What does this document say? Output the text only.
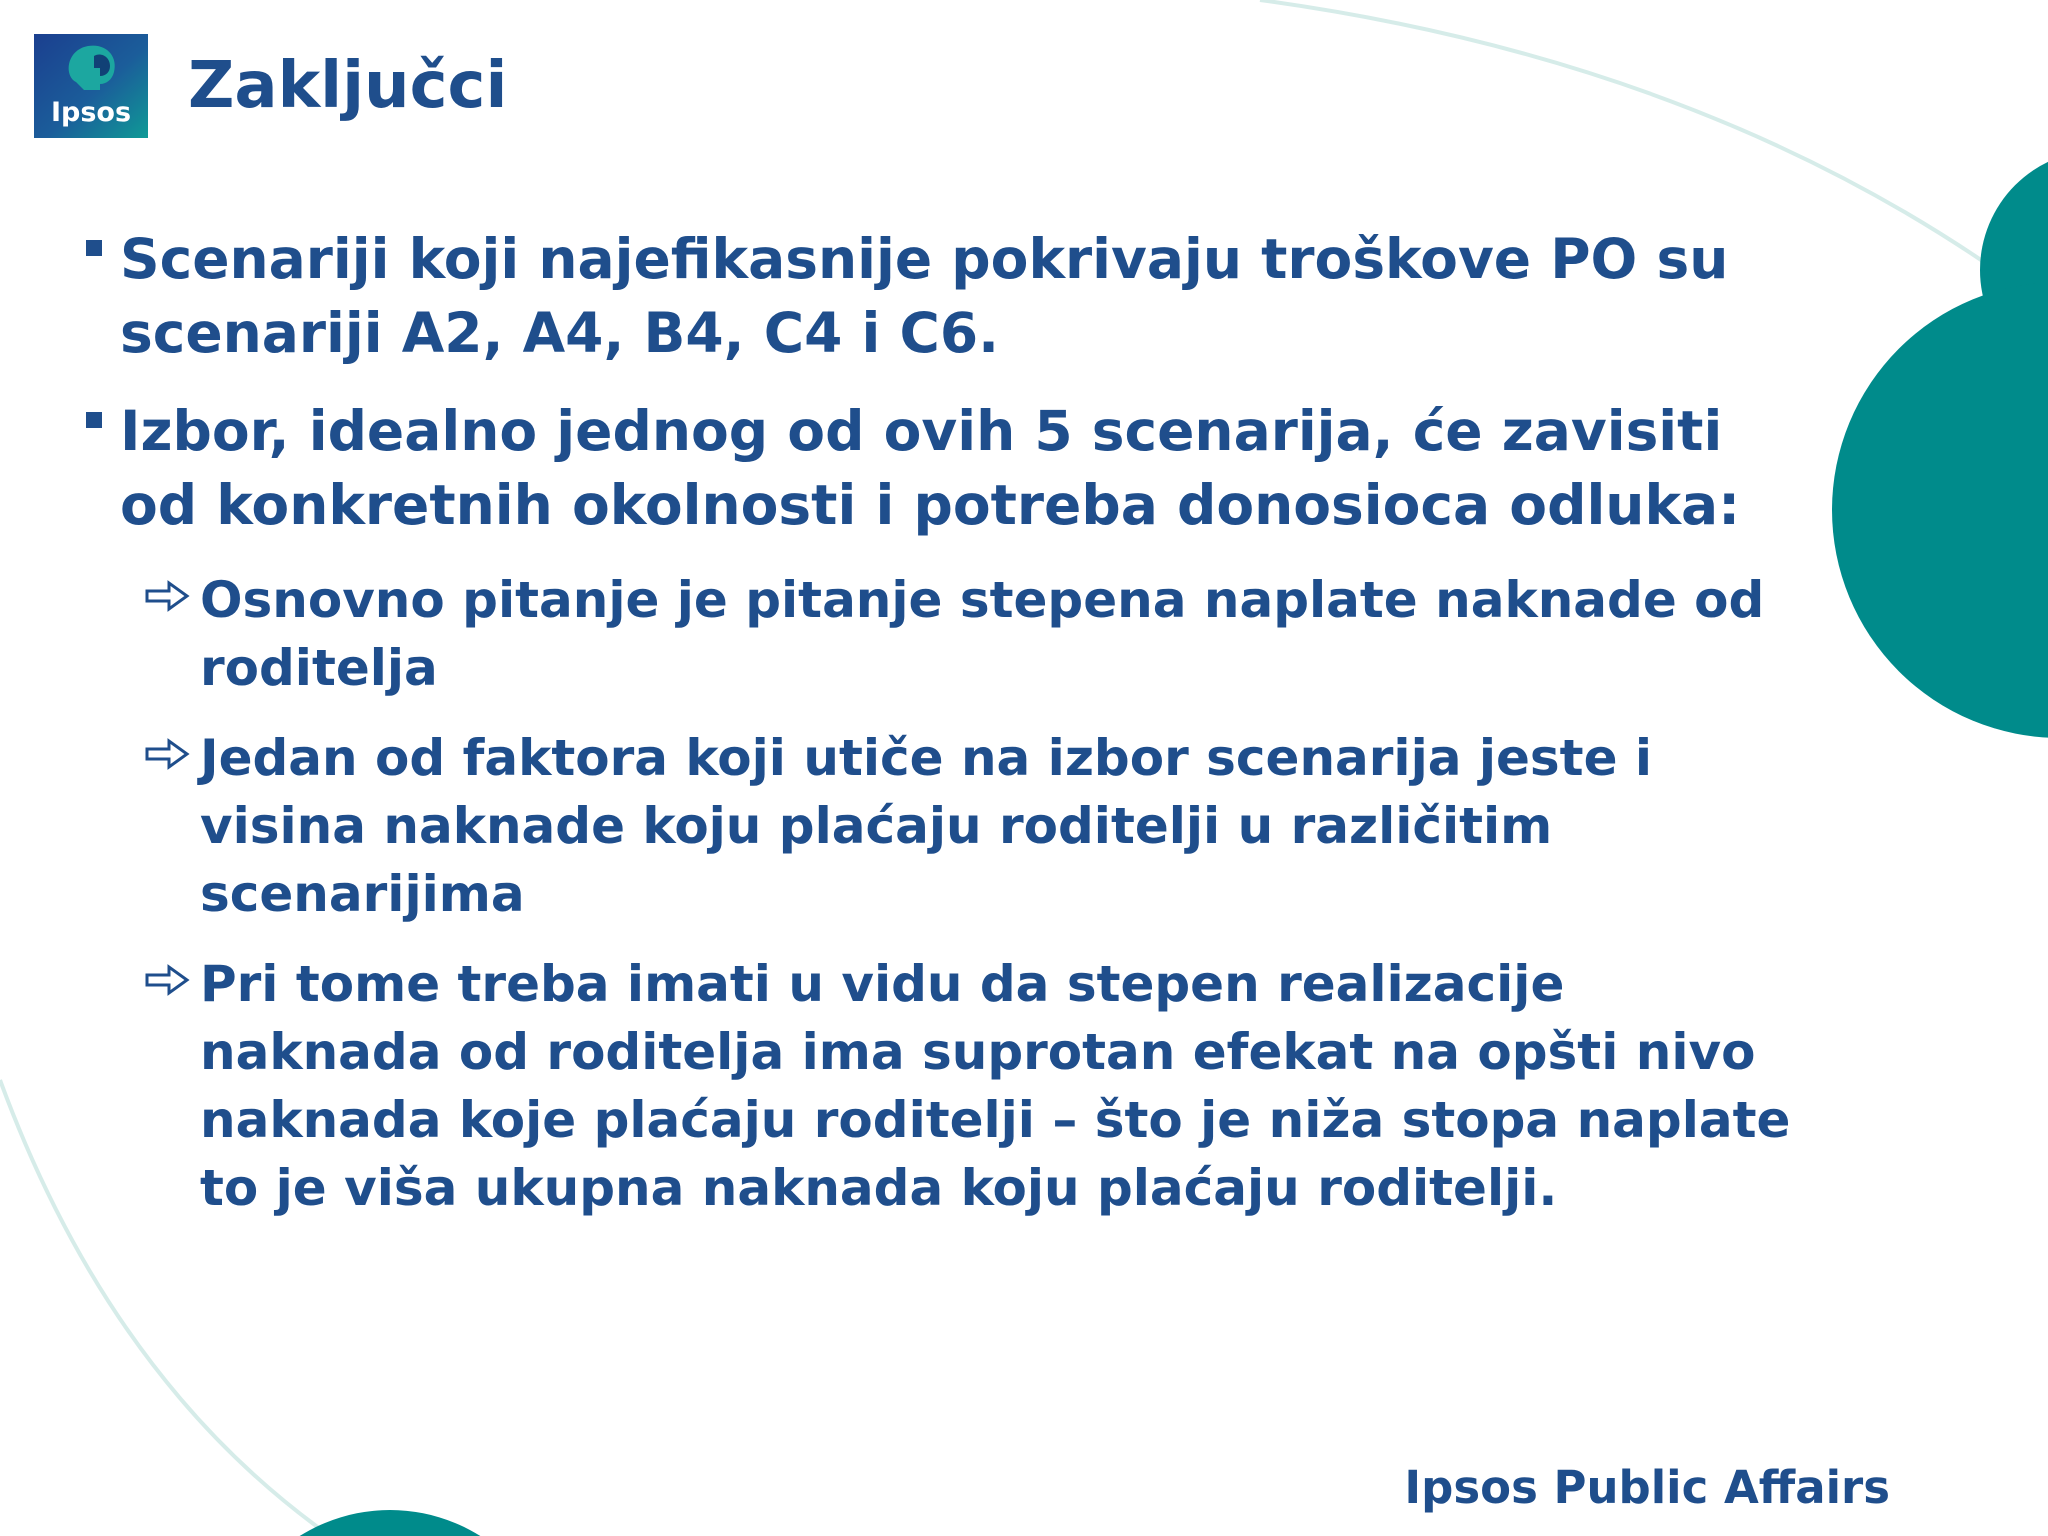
Ipsos Zaključci
Scenariji koji najefikasnije pokrivaju troškove PO su scenariji A2, A4, B4, C4 i C6.
Izbor, idealno jednog od ovih 5 scenarija, će zavisiti od konkretnih okolnosti i potreba donosioca odluka:
Osnovno pitanje je pitanje stepena naplate naknade od roditelja
Jedan od faktora koji utiče na izbor scenarija jeste i visina naknade koju plaćaju roditelji u različitim scenarijima
Pri tome treba imati u vidu da stepen realizacije naknada od roditelja ima suprotan efekat na opšti nivo naknada koje plaćaju roditelji – što je niža stopa naplate to je viša ukupna naknada koju plaćaju roditelji.
Ipsos Public Affairs
